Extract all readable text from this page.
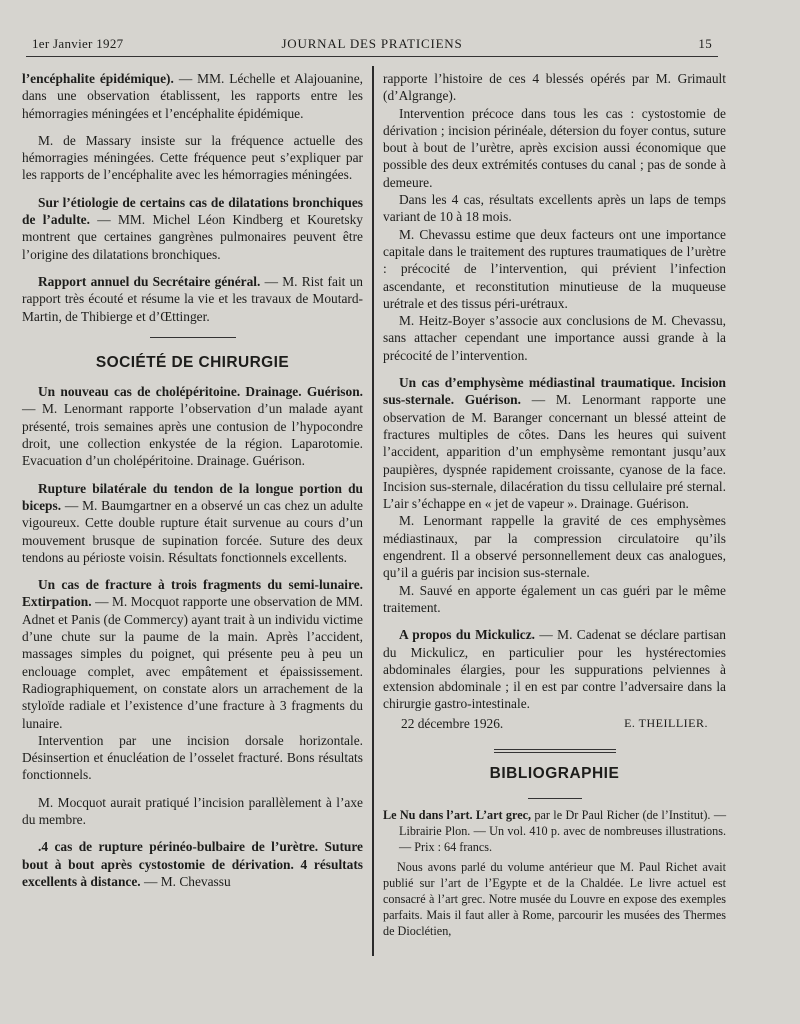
1er Janvier 1927	JOURNAL DES PRATICIENS	15

l’encéphalite épidémique). — MM. Léchelle et Alajouanine, dans une observation établissent, les rapports entre les hémorragies méningées et l’encéphalite épidémique.

M. de Massary insiste sur la fréquence actuelle des hémorragies méningées. Cette fréquence peut s’expliquer par les rapports de l’encéphalite avec les hémorragies méningées.

Sur l’étiologie de certains cas de dilatations bronchiques de l’adulte. — MM. Michel Léon Kindberg et Kouretsky montrent que certaines gangrènes pulmonaires peuvent être l’origine des dilatations bronchiques.

Rapport annuel du Secrétaire général. — M. Rist fait un rapport très écouté et résume la vie et les travaux de Moutard-Martin, de Thibierge et d’Œttinger.

SOCIÉTÉ DE CHIRURGIE

Un nouveau cas de cholépéritoine. Drainage. Guérison. — M. Lenormant rapporte l’observation d’un malade ayant présenté, trois semaines après une contusion de l’hypocondre droit, une collection enkystée de la région. Laparotomie. Evacuation d’un cholépéritoine. Drainage. Guérison.

Rupture bilatérale du tendon de la longue portion du biceps. — M. Baumgartner en a observé un cas chez un adulte vigoureux. Cette double rupture était survenue au cours d’un mouvement brusque de supination forcée. Suture des deux tendons au périoste voisin. Résultats fonctionnels excellents.

Un cas de fracture à trois fragments du semi-lunaire. Extirpation. — M. Mocquot rapporte une observation de MM. Adnet et Panis (de Commercy) ayant trait à un individu victime d’une chute sur la paume de la main. Après l’accident, massages simples du poignet, qui présente peu à peu un enclouage complet, avec empâtement et épaississement. Radiographiquement, on constate alors un arrachement de la styloïde radiale et l’existence d’une fracture à 3 fragments du lunaire.

Intervention par une incision dorsale horizontale. Désinsertion et énucléation de l’osselet fracturé. Bons résultats fonctionnels.

M. Mocquot aurait pratiqué l’incision parallèlement à l’axe du membre.

.4 cas de rupture périnéo-bulbaire de l’urètre. Suture bout à bout après cystostomie de dérivation. 4 résultats excellents à distance. — M. Chevassu

rapporte l’histoire de ces 4 blessés opérés par M. Grimault (d’Algrange).

Intervention précoce dans tous les cas : cystostomie de dérivation ; incision périnéale, détersion du foyer contus, suture bout à bout de l’urètre, après excision aussi économique que possible des deux extrémités contuses du canal ; pas de sonde à demeure.

Dans les 4 cas, résultats excellents après un laps de temps variant de 10 à 18 mois.

M. Chevassu estime que deux facteurs ont une importance capitale dans le traitement des ruptures traumatiques de l’urètre : précocité de l’intervention, qui prévient l’infection ascendante, et reconstitution minutieuse de la muqueuse urétrale et des tissus péri-urétraux.

M. Heitz-Boyer s’associe aux conclusions de M. Chevassu, sans attacher cependant une importance aussi grande à la précocité de l’intervention.

Un cas d’emphysème médiastinal traumatique. Incision sus-sternale. Guérison. — M. Lenormant rapporte une observation de M. Baranger concernant un blessé atteint de fractures multiples de côtes. Dans les heures qui suivent l’accident, apparition d’un emphysème remontant jusqu’aux paupières, dyspnée rapidement croissante, cyanose de la face. Incision sus-sternale, dilacération du tissu cellulaire pré sternal. L’air s’échappe en « jet de vapeur ». Drainage. Guérison.

M. Lenormant rappelle la gravité de ces emphysèmes médiastinaux, par la compression circulatoire qu’ils engendrent. Il a observé personnellement deux cas analogues, qu’il a guéris par incision sus-sternale.

M. Sauvé en apporte également un cas guéri par le même traitement.

A propos du Mickulicz. — M. Cadenat se déclare partisan du Mickulicz, en particulier pour les hystérectomies abdominales élargies, pour les suppurations pelviennes à extension abdominale ; il en est par contre l’adversaire dans la chirurgie gastro-intestinale.

22 décembre 1926.	E. THEILLIER.
BIBLIOGRAPHIE

Le Nu dans l’art. L’art grec, par le Dr Paul Richer (de l’Institut). — Librairie Plon. — Un vol. 410 p. avec de nombreuses illustrations. — Prix : 64 francs.

Nous avons parlé du volume antérieur que M. Paul Richet avait publié sur l’art de l’Egypte et de la Chaldée. Le livre actuel est consacré à l’art grec. Notre musée du Louvre en expose des exemples parfaits. Mais il faut aller à Rome, parcourir les musées des Thermes de Dioclétien,
